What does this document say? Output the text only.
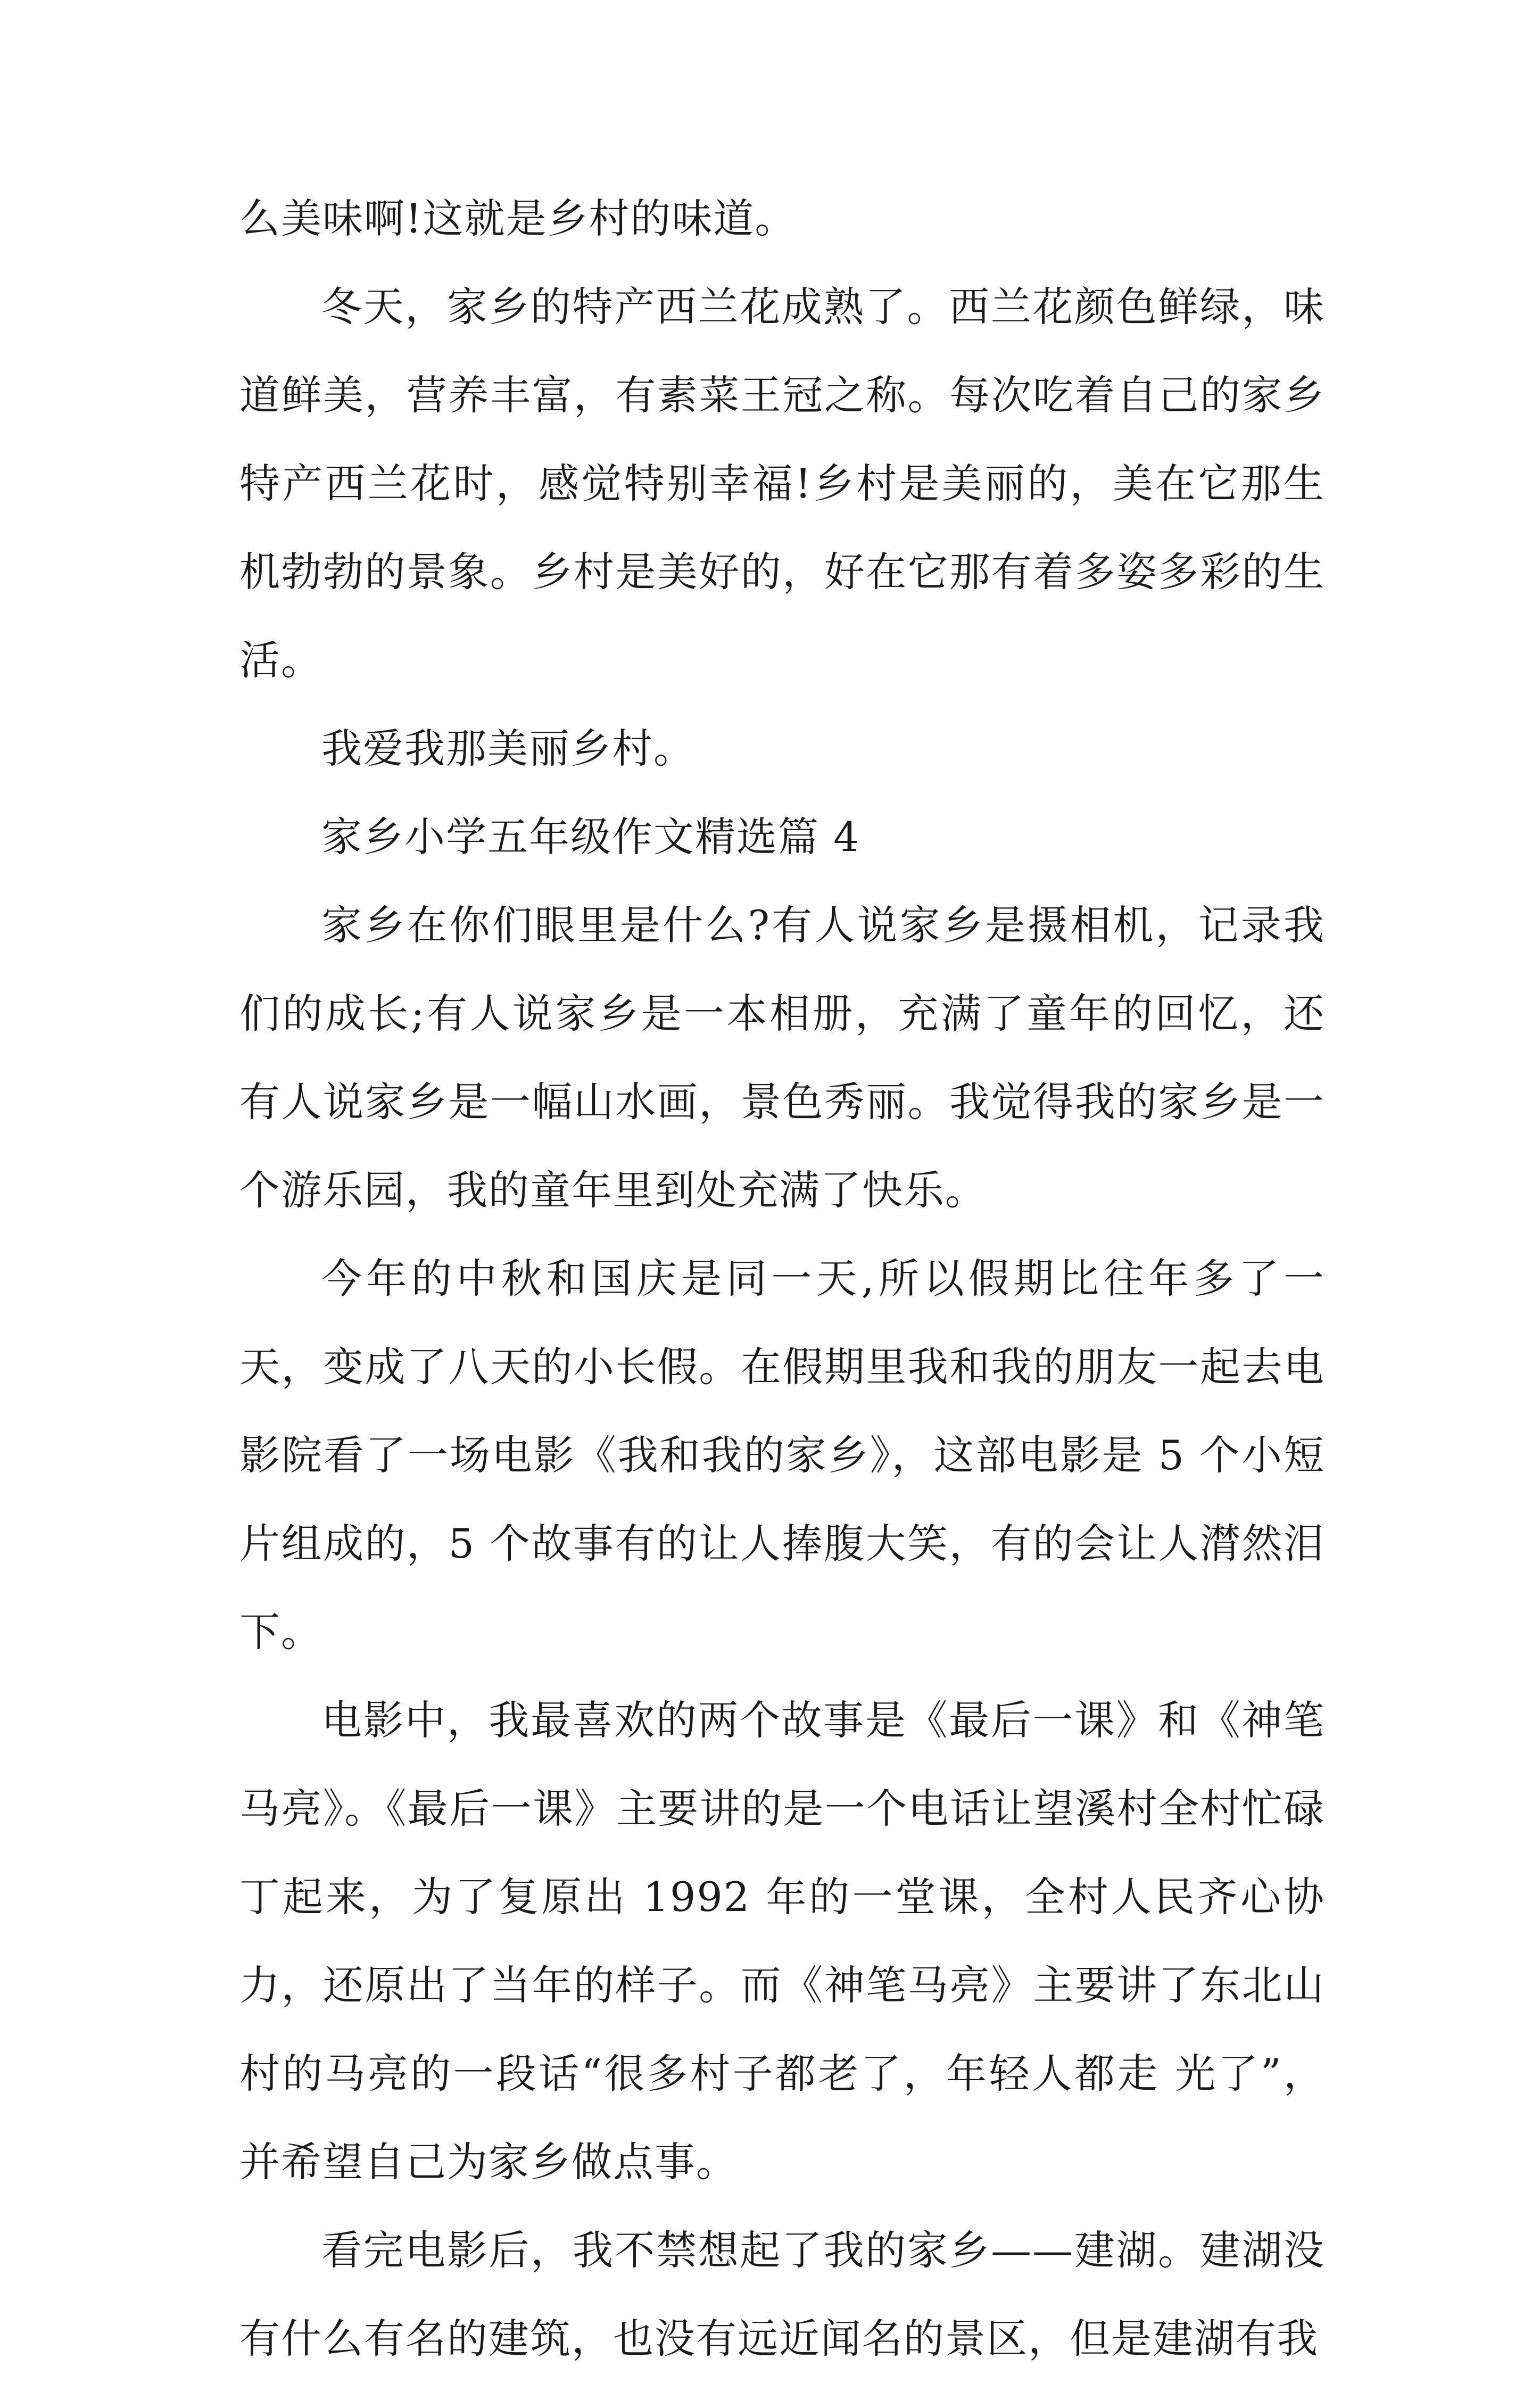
么美味啊!这就是乡村的味道。

冬天，家乡的特产西兰花成熟了。西兰花颜色鲜绿，味道鲜美，营养丰富，有素菜王冠之称。每次吃着自己的家乡特产西兰花时，感觉特别幸福!乡村是美丽的，美在它那生机勃勃的景象。乡村是美好的，好在它那有着多姿多彩的生活。

我爱我那美丽乡村。

家乡小学五年级作文精选篇 4

家乡在你们眼里是什么?有人说家乡是摄相机，记录我们的成长;有人说家乡是一本相册，充满了童年的回忆，还有人说家乡是一幅山水画，景色秀丽。我觉得我的家乡是一个游乐园，我的童年里到处充满了快乐。

今年的中秋和国庆是同一天,所以假期比往年多了一天，变成了八天的小长假。在假期里我和我的朋友一起去电影院看了一场电影《我和我的家乡》，这部电影是 5 个小短片组成的，5 个故事有的让人捧腹大笑，有的会让人潸然泪下。

电影中，我最喜欢的两个故事是《最后一课》和《神笔马亮》。《最后一课》主要讲的是一个电话让望溪村全村忙碌丁起来，为了复原出 1992 年的一堂课，全村人民齐心协力，还原出了当年的样子。而《神笔马亮》主要讲了东北山村的马亮的一段话“很多村子都老了，年轻人都走 光了”，并希望自己为家乡做点事。

看完电影后，我不禁想起了我的家乡——建湖。建湖没有什么有名的建筑，也没有远近闻名的景区，但是建湖有我
